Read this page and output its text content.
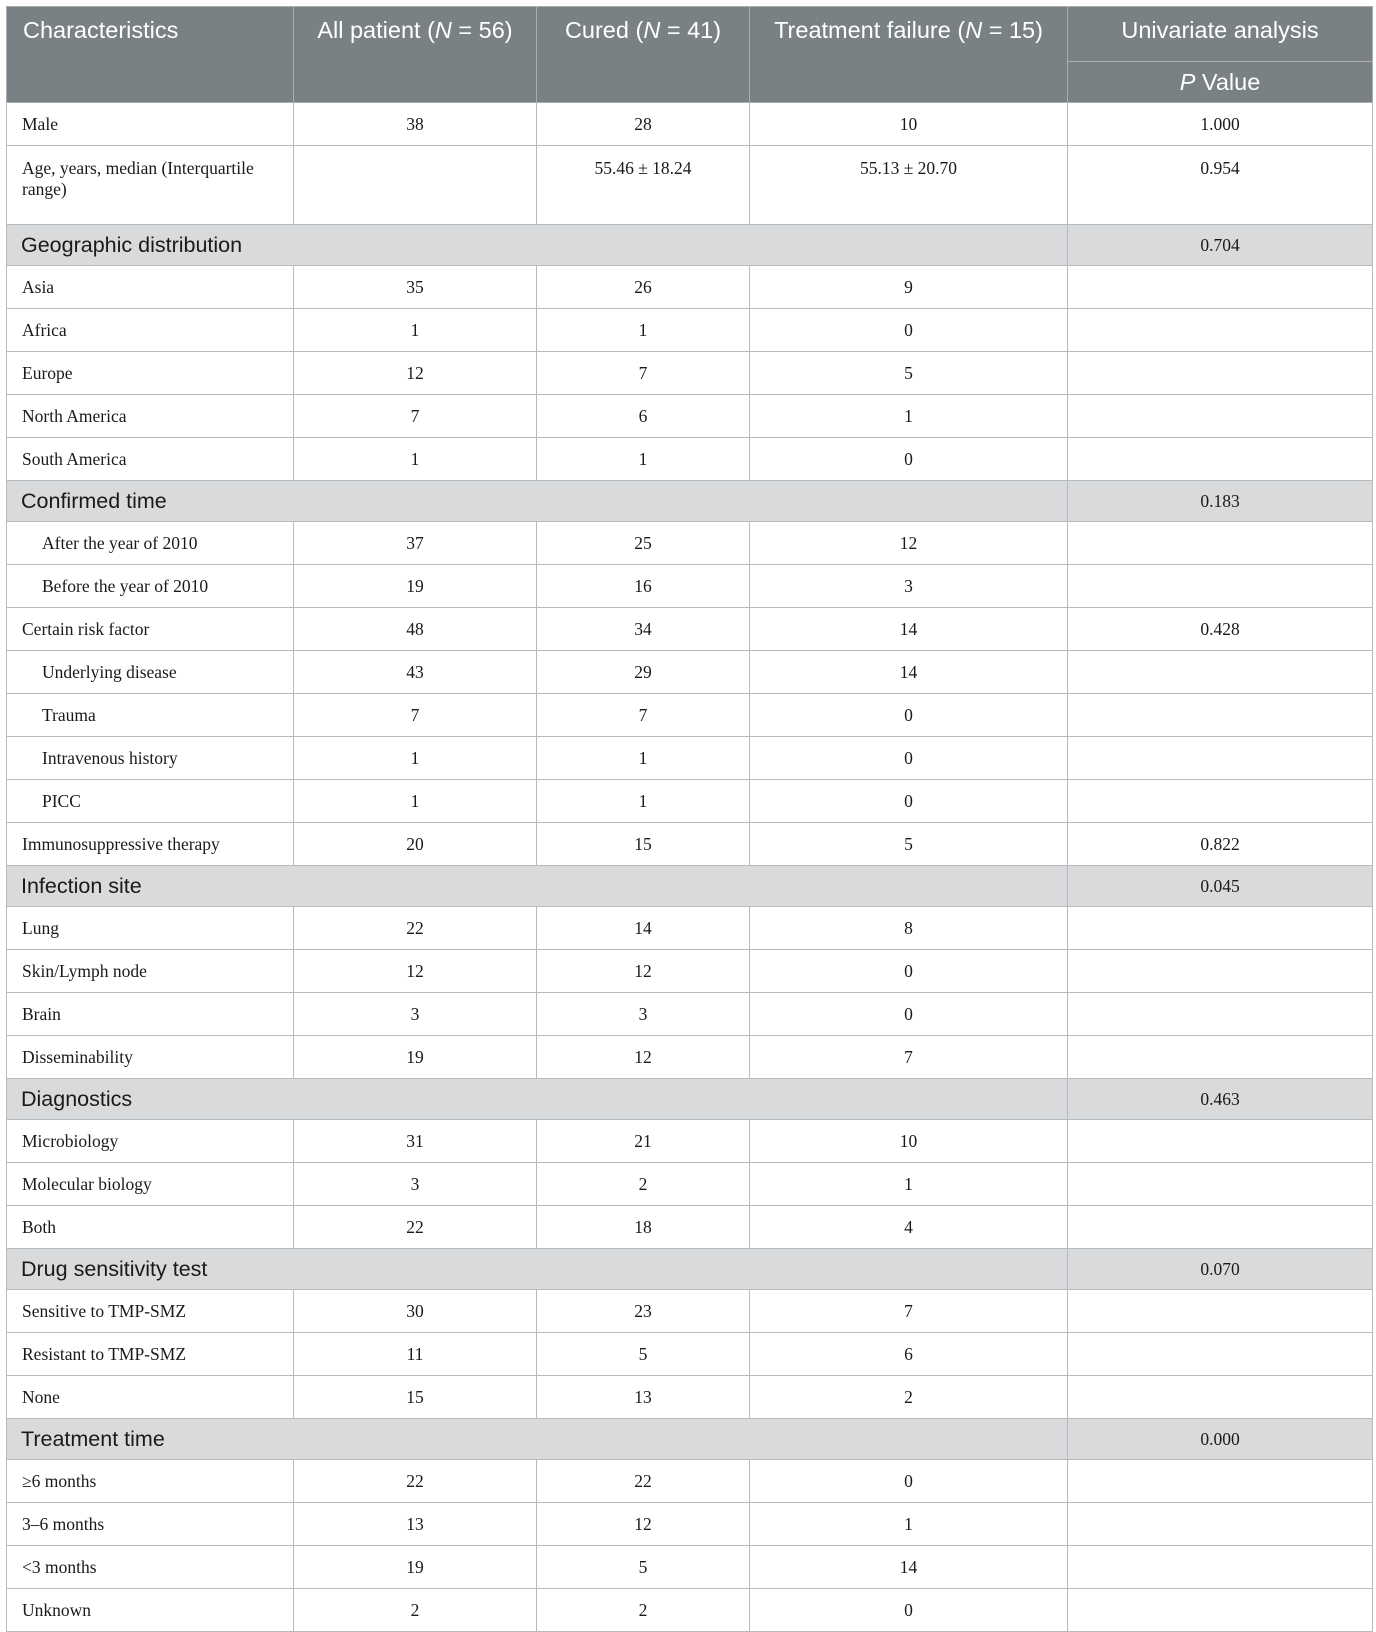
Characteristics	All patient (N = 56)	Cured (N = 41)	Treatment failure (N = 15)	Univariate analysis
				P Value
Male	38	28	10	1.000
Age, years, median (Interquartile range)		55.46 ± 18.24	55.13 ± 20.70	0.954
Geographic distribution				0.704
Asia	35	26	9	
Africa	1	1	0	
Europe	12	7	5	
North America	7	6	1	
South America	1	1	0	
Confirmed time				0.183
After the year of 2010	37	25	12	
Before the year of 2010	19	16	3	
Certain risk factor	48	34	14	0.428
Underlying disease	43	29	14	
Trauma	7	7	0	
Intravenous history	1	1	0	
PICC	1	1	0	
Immunosuppressive therapy	20	15	5	0.822
Infection site				0.045
Lung	22	14	8	
Skin/Lymph node	12	12	0	
Brain	3	3	0	
Disseminability	19	12	7	
Diagnostics				0.463
Microbiology	31	21	10	
Molecular biology	3	2	1	
Both	22	18	4	
Drug sensitivity test				0.070
Sensitive to TMP-SMZ	30	23	7	
Resistant to TMP-SMZ	11	5	6	
None	15	13	2	
Treatment time				0.000
≥6 months	22	22	0	
3–6 months	13	12	1	
<3 months	19	5	14	
Unknown	2	2	0	
